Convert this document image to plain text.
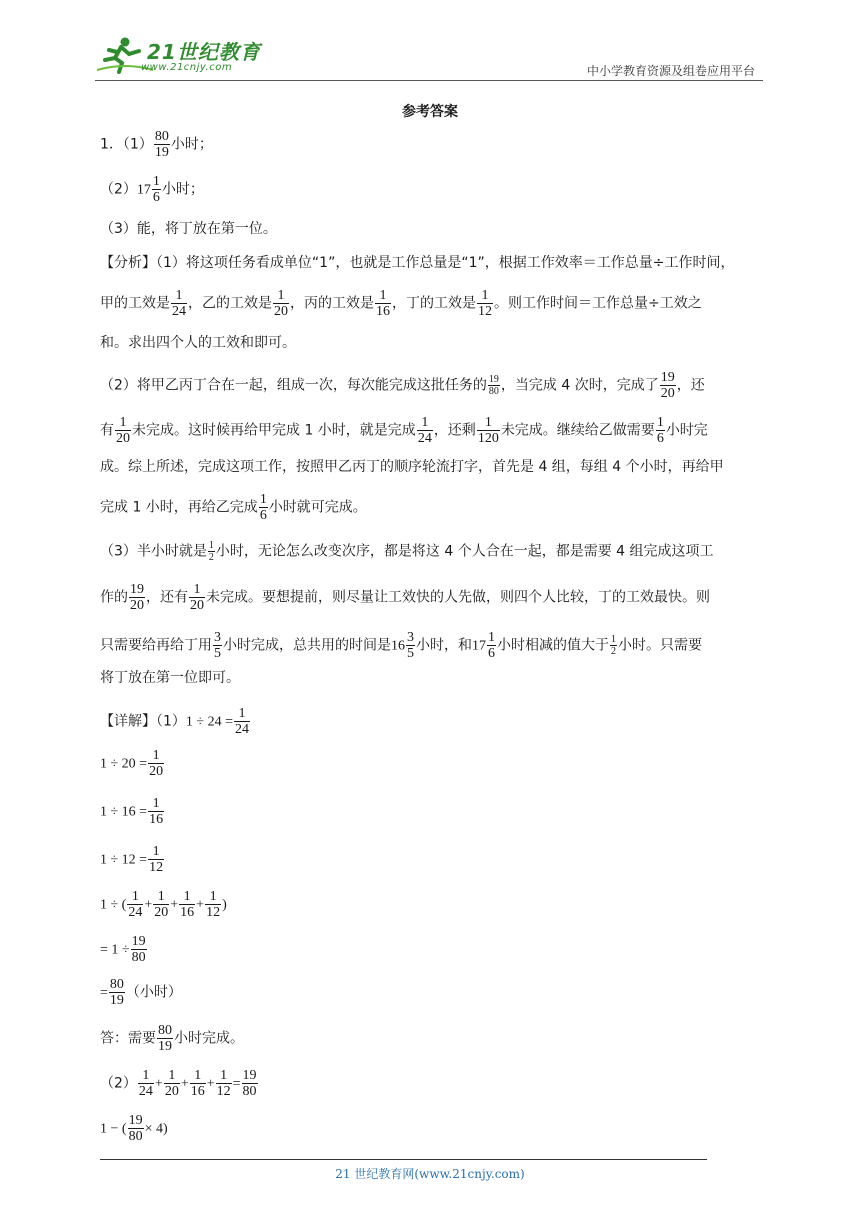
21世纪教育
www.21cnjy.com	中小学教育资源及组卷应用平台
参考答案
1．$(1) \frac{80}{19}$ 小时；
$(2)17 \frac{1}{6}$ 小时；
（3）能，将丁放在第一位。
【分析】（1）将这项任务看成单位“1”，也就是工作总量是“1”，根据工作效率＝工作总量÷工作时间，
甲的工效是 $\frac{1}{24}$ ，乙的工效是 $\frac{1}{20}$ ，丙的工效是 $\frac{1}{16}$ ，丁的工效是 $\frac{1}{12}$ 。则工作时间＝工作总量÷工效之
和。求出四个人的工效和即可。
（2）将甲乙丙丁合在一起，组成一次，每次能完成这批任务的 $\frac{19}{80}$ ，当完成 4 次时，完成了 $\frac{19}{20}$ ，还
有 $\frac{1}{20}$ 未完成。这时候再给甲完成 1 小时，就是完成 $\frac{1}{24}$ ，还剩 $\frac{1}{120}$ 未完成。继续给乙做需要 $\frac{1}{6}$ 小时完
成。综上所述，完成这项工作，按照甲乙丙丁的顺序轮流打字，首先是 4 组，每组 4 个小时，再给甲
完成 1 小时，再给乙完成 $\frac{1}{6}$ 小时就可完成。
（3）半小时就是 $\frac{1}{2}$ 小时，无论怎么改变次序，都是将这 4 个人合在一起，都是需要 4 组完成这项工
作的 $\frac{19}{20}$ ，还有 $\frac{1}{20}$ 未完成。要想提前，则尽量让工效快的人先做，则四个人比较，丁的工效最快。则
只需要给再给丁用 $\frac{3}{5}$ 小时完成，总共用的时间是$16 \frac{3}{5}$ 小时，和$17 \frac{1}{6}$ 小时相减的值大于 $\frac{1}{2}$ 小时。只需要
将丁放在第一位即可。
【详解】$(1)1 \div 24 = \frac{1}{24}$
$1 \div 20 = \frac{1}{20}$
$1 \div 16 = \frac{1}{16}$
$1 \div 12 = \frac{1}{12}$
1 ÷ ( $\frac{1}{24} + \frac{1}{20} + \frac{1}{16} + \frac{1}{12}$ )
= $1 \div \frac{19}{80}$
= $\frac{80}{19}$ （小时）
答：需要 $\frac{80}{19}$ 小时完成。
$(2) \frac{1}{24} + \frac{1}{20} + \frac{1}{16} + \frac{1}{12} = \frac{19}{80}$
1 − ( $\frac{19}{80} \times 4$)
21 世纪教育网(www.21cnjy.com)
